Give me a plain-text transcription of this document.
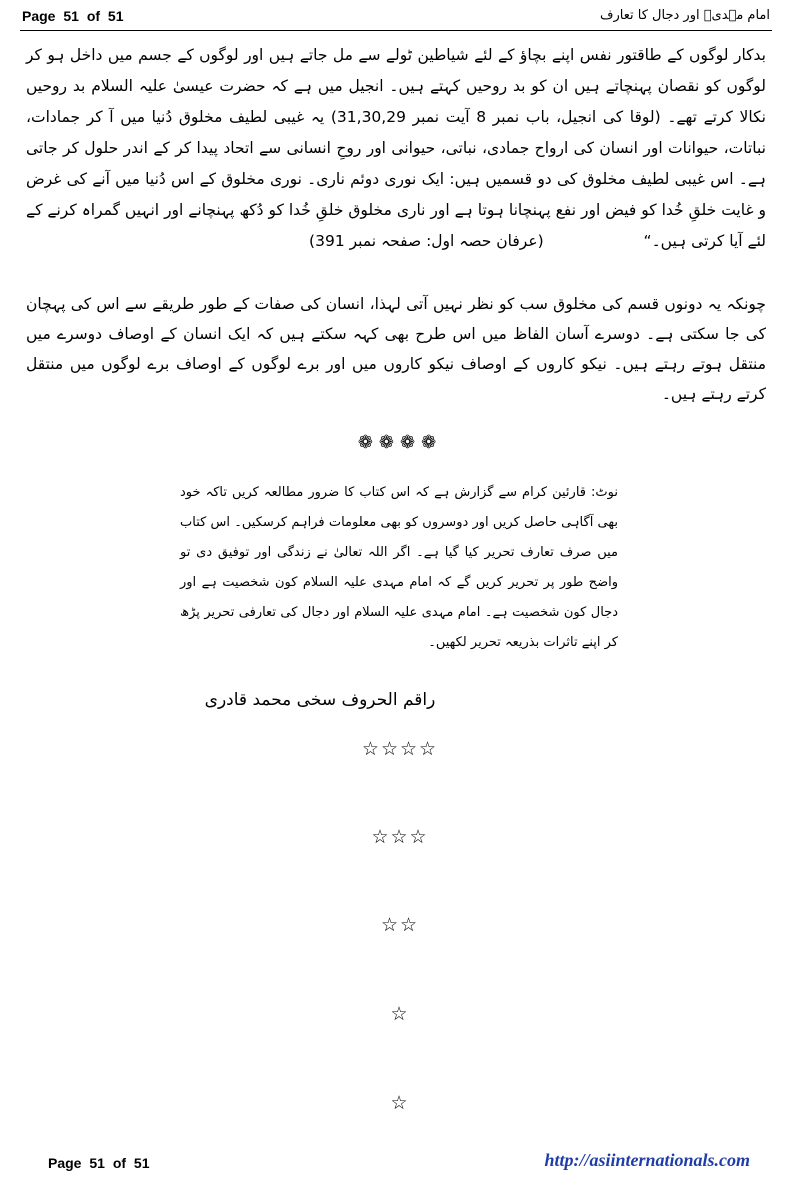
Page 51 of 51	امام مہدیؑ اور دجال کا تعارف

بدکار لوگوں کے طاقتور نفس اپنے بچاؤ کے لئے شیاطین ٹولے سے مل جاتے ہیں اور لوگوں کے جسم میں داخل ہو کر لوگوں کو نقصان پہنچاتے ہیں ان کو بد روحیں کہتے ہیں۔ انجیل میں ہے کہ حضرت عیسیٰ علیہ السلام بد روحیں نکالا کرتے تھے۔ (لوقا کی انجیل، باب نمبر 8 آیت نمبر 31,30,29) یہ غیبی لطیف مخلوق دُنیا میں آ کر جمادات، نباتات، حیوانات اور انسان کی ارواح جمادی، نباتی، حیوانی اور روحِ انسانی سے اتحاد پیدا کر کے اندر حلول کر جاتی ہے۔ اس غیبی لطیف مخلوق کی دو قسمیں ہیں: ایک نوری دوئم ناری۔ نوری مخلوق کے اس دُنیا میں آنے کی غرض و غایت خلقِ خُدا کو فیض اور نفع پہنچانا ہوتا ہے اور ناری مخلوق خلقِ خُدا کو دُکھ پہنچانے اور انہیں گمراہ کرنے کے لئے آیا کرتی ہیں۔“  (عرفان حصہ اول: صفحہ نمبر 391)

چونکہ یہ دونوں قسم کی مخلوق سب کو نظر نہیں آتی لہذا، انسان کی صفات کے طور طریقے سے اس کی پہچان کی جا سکتی ہے۔ دوسرے آسان الفاظ میں اس طرح بھی کہہ سکتے ہیں کہ ایک انسان کے اوصاف دوسرے میں منتقل ہوتے رہتے ہیں۔ نیکو کاروں کے اوصاف نیکو کاروں میں اور برے لوگوں کے اوصاف برے لوگوں میں منتقل کرتے رہتے ہیں۔

❁❁❁❁

نوٹ: قارئین کرام سے گزارش ہے کہ اس کتاب کا ضرور مطالعہ کریں تاکہ خود بھی آگاہی حاصل کریں اور دوسروں کو بھی معلومات فراہم کرسکیں۔ اس کتاب میں صرف تعارف تحریر کیا گیا ہے۔ اگر اللہ تعالیٰ نے زندگی اور توفیق دی تو واضح طور پر تحریر کریں گے کہ امام مہدی علیہ السلام کون شخصیت ہے اور دجال کون شخصیت ہے۔ امام مہدی علیہ السلام اور دجال کی تعارفی تحریر پڑھ کر اپنے تاثرات بذریعہ تحریر لکھیں۔

راقم الحروف سخی محمد قادری
☆☆☆☆
☆☆☆
☆☆
☆
☆
Page 51 of 51	http://asiinternationals.com
